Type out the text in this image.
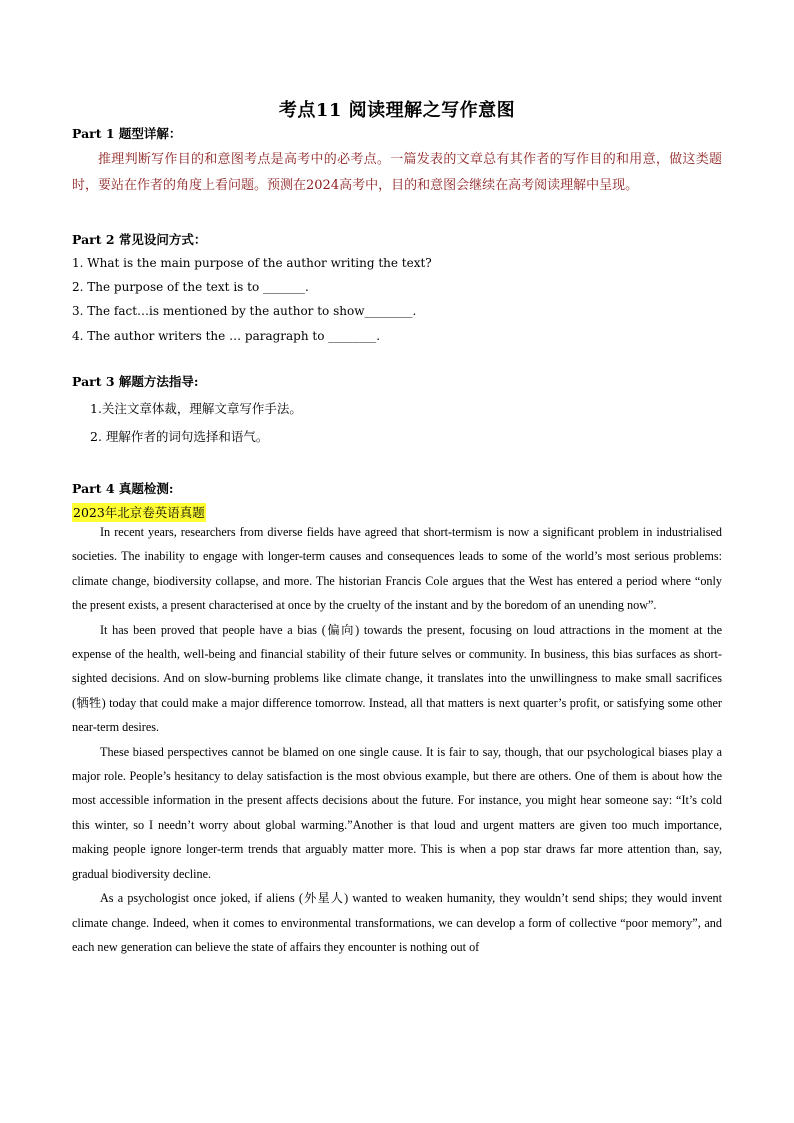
考点11 阅读理解之写作意图
Part 1 题型详解：
推理判断写作目的和意图考点是高考中的必考点。一篇发表的文章总有其作者的写作目的和用意，做这类题时，要站在作者的角度上看问题。预测在2024高考中，目的和意图会继续在高考阅读理解中呈现。
Part 2 常见设问方式：
1. What is the main purpose of the author writing the text?
2. The purpose of the text is to _______.
3. The fact…is mentioned by the author to show________.
4. The author writers the … paragraph to ________.
Part 3 解题方法指导:
1.关注文章体裁，理解文章写作手法。
2. 理解作者的词句选择和语气。
Part 4 真题检测:
2023年北京卷英语真题

In recent years, researchers from diverse fields have agreed that short-termism is now a significant problem in industrialised societies. The inability to engage with longer-term causes and consequences leads to some of the world’s most serious problems: climate change, biodiversity collapse, and more. The historian Francis Cole argues that the West has entered a period where “only the present exists, a present characterised at once by the cruelty of the instant and by the boredom of an unending now”.

It has been proved that people have a bias (偏向) towards the present, focusing on loud attractions in the moment at the expense of the health, well-being and financial stability of their future selves or community. In business, this bias surfaces as short-sighted decisions. And on slow-burning problems like climate change, it translates into the unwillingness to make small sacrifices (牺牲) today that could make a major difference tomorrow. Instead, all that matters is next quarter’s profit, or satisfying some other near-term desires.

These biased perspectives cannot be blamed on one single cause. It is fair to say, though, that our psychological biases play a major role. People’s hesitancy to delay satisfaction is the most obvious example, but there are others. One of them is about how the most accessible information in the present affects decisions about the future. For instance, you might hear someone say: “It’s cold this winter, so I needn’t worry about global warming.”Another is that loud and urgent matters are given too much importance, making people ignore longer-term trends that arguably matter more. This is when a pop star draws far more attention than, say, gradual biodiversity decline.

As a psychologist once joked, if aliens (外星人) wanted to weaken humanity, they wouldn’t send ships; they would invent climate change. Indeed, when it comes to environmental transformations, we can develop a form of collective “poor memory”, and each new generation can believe the state of affairs they encounter is nothing out of
